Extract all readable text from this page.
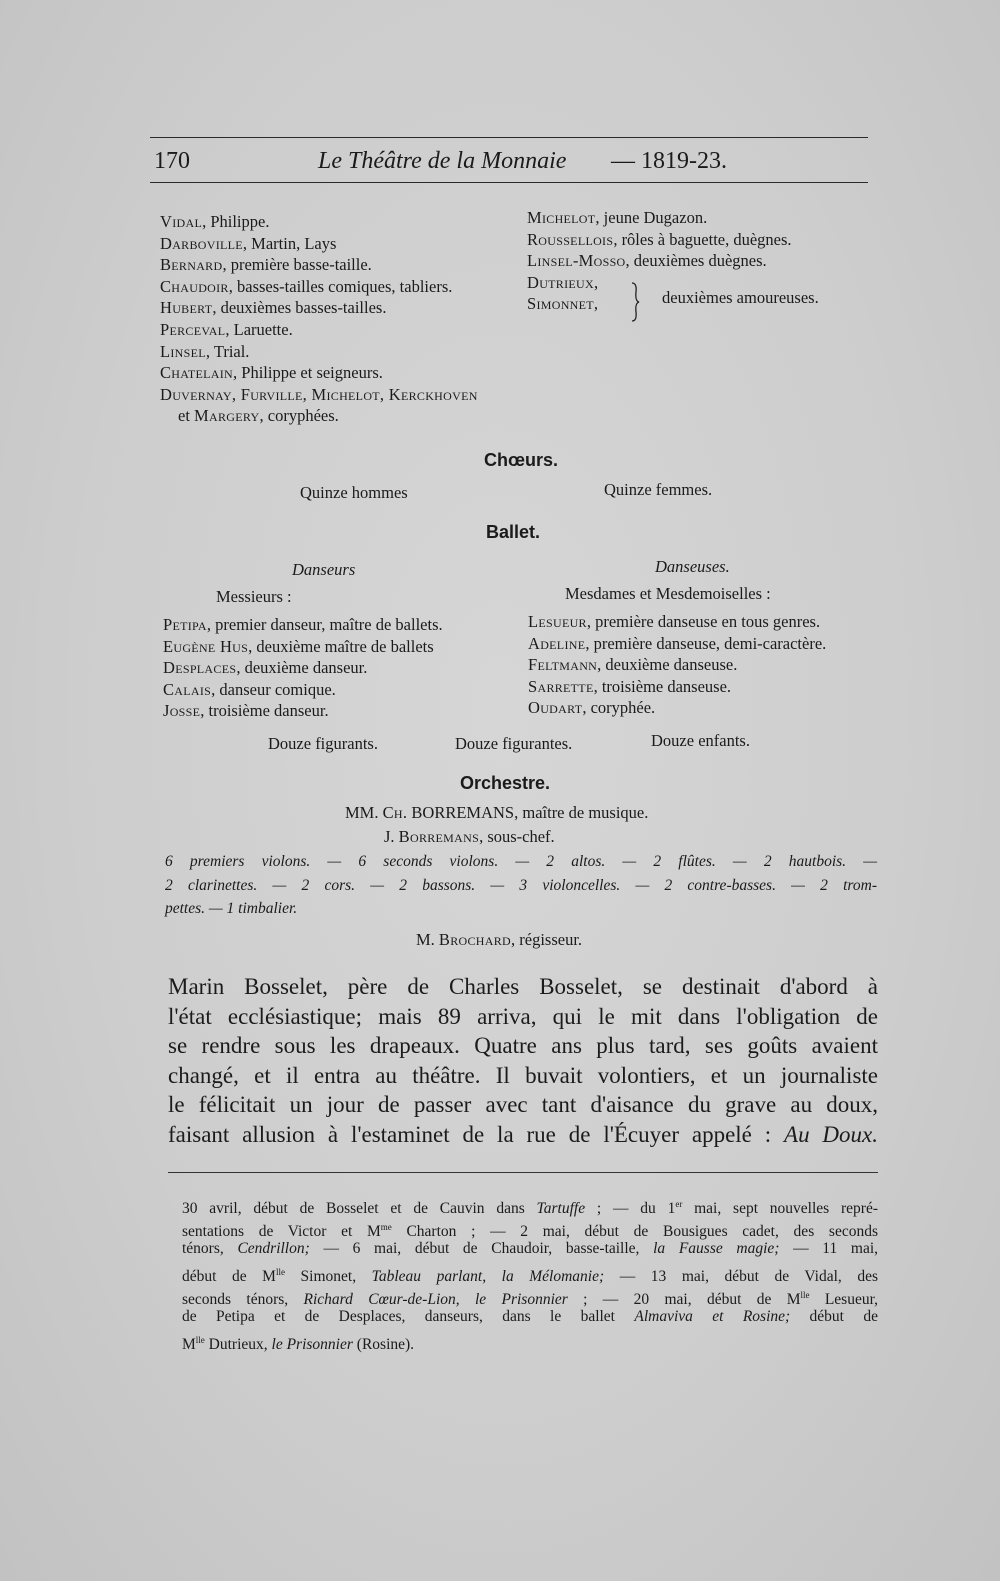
170	Le Théâtre de la Monnaie — 1819-23.
Vidal, Philippe.
Darboville, Martin, Lays
Bernard, première basse-taille.
Chaudoir, basses-tailles comiques, tabliers.
Hubert, deuxièmes basses-tailles.
Perceval, Laruette.
Linsel, Trial.
Chatelain, Philippe et seigneurs.
Duvernay, Furville, Michelot, Kerckhoven
et Margery, coryphées.
Michelot, jeune Dugazon.
Roussellois, rôles à baguette, duègnes.
Linsel-Mosso, deuxièmes duègnes.
Dutrieux,
Simonnet,	deuxièmes amoureuses.
Chœurs.
Quinze hommes	Quinze femmes.
Ballet.
Danseurs	Danseuses.
Messieurs :	Mesdames et Mesdemoiselles :
Petipa, premier danseur, maître de ballets.
Eugène Hus, deuxième maître de ballets
Desplaces, deuxième danseur.
Calais, danseur comique.
Josse, troisième danseur.
Lesueur, première danseuse en tous genres.
Adeline, première danseuse, demi-caractère.
Feltmann, deuxième danseuse.
Sarrette, troisième danseuse.
Oudart, coryphée.
Douze figurants.	Douze figurantes.	Douze enfants.
Orchestre.
MM. Ch. BORREMANS, maître de musique.
J. Borremans, sous-chef.
6 premiers violons. — 6 seconds violons. — 2 altos. — 2 flûtes. — 2 hautbois. —
2 clarinettes. — 2 cors. — 2 bassons. — 3 violoncelles. — 2 contre-basses. — 2 trom-
pettes. — 1 timbalier.
M. Brochard, régisseur.
Marin Bosselet, père de Charles Bosselet, se destinait d'abord à
l'état ecclésiastique; mais 89 arriva, qui le mit dans l'obligation de
se rendre sous les drapeaux. Quatre ans plus tard, ses goûts avaient
changé, et il entra au théâtre. Il buvait volontiers, et un journaliste
le félicitait un jour de passer avec tant d'aisance du grave au doux,
faisant allusion à l'estaminet de la rue de l'Écuyer appelé : Au Doux.
30 avril, début de Bosselet et de Cauvin dans Tartuffe ; — du 1er mai, sept nouvelles repré-
sentations de Victor et $M^{me}$ Charton ; — 2 mai, début de Bousigues cadet, des seconds
ténors, Cendrillon; — 6 mai, début de Chaudoir, basse-taille, la Fausse magie; — 11 mai,
début de $M^{lle}$ Simonet, Tableau parlant, la Mélomanie; — 13 mai, début de Vidal, des
seconds ténors, Richard Cœur-de-Lion, le Prisonnier ; — 20 mai, début de $M^{lle}$ Lesueur,
de Petipa et de Desplaces, danseurs, dans le ballet Almaviva et Rosine; début de
$M^{lle}$ Dutrieux, le Prisonnier (Rosine).
